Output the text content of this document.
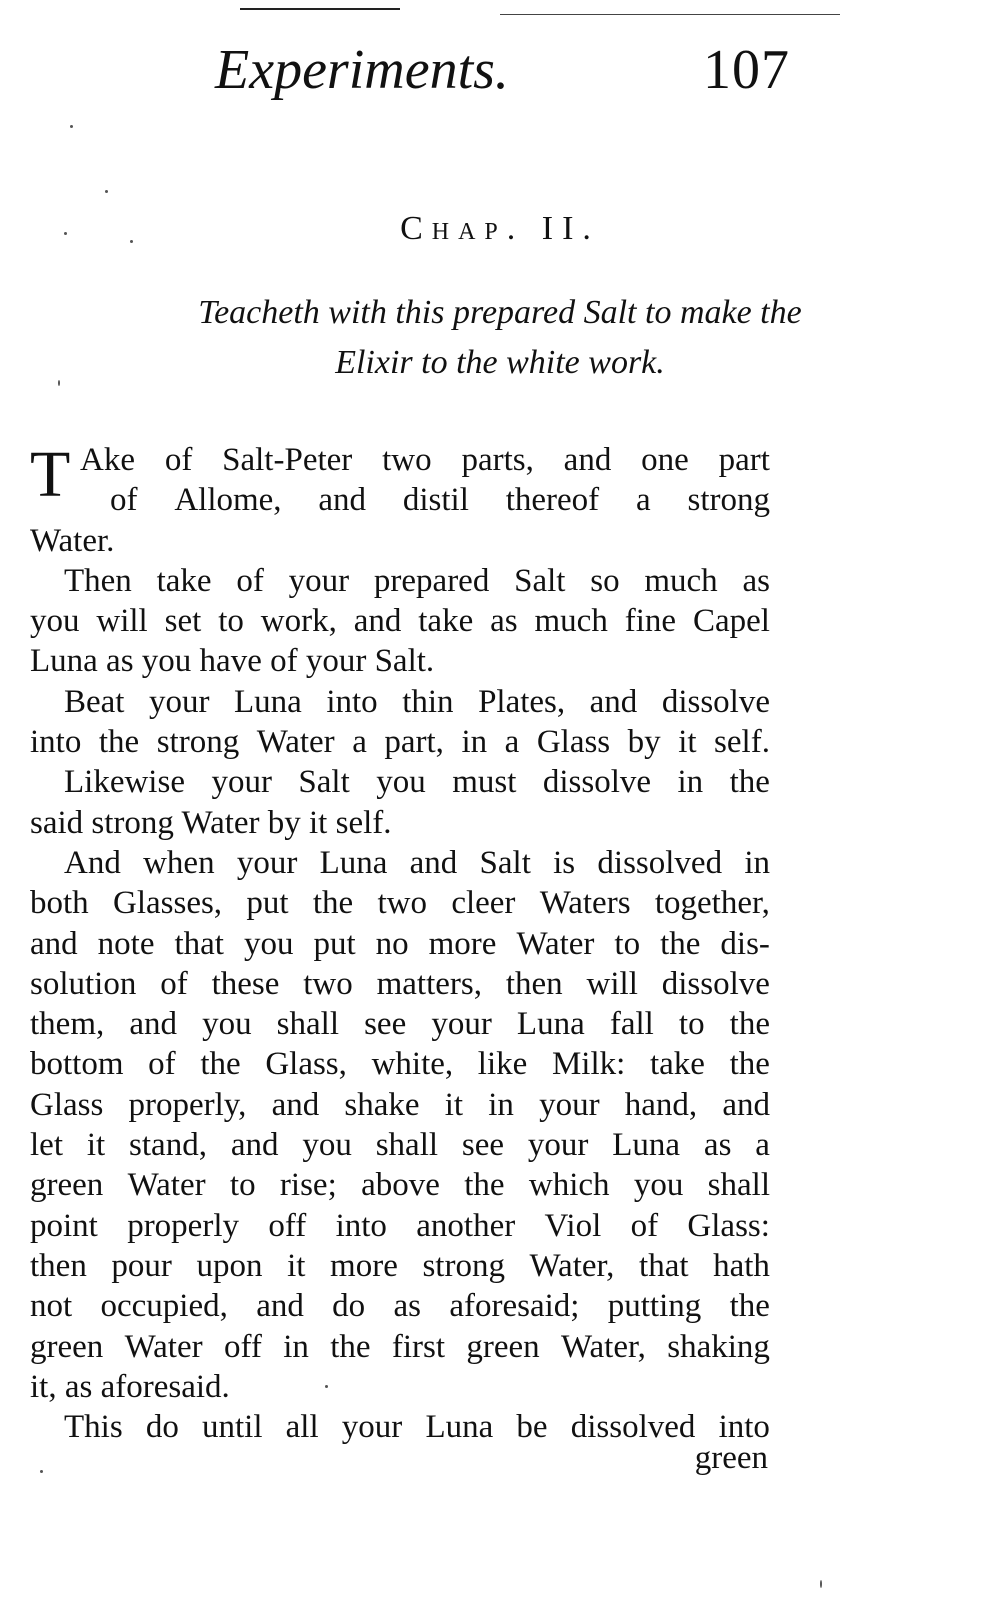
Experiments.	107
Chap. II.
Teacheth with this prepared Salt to make the
Elixir to the white work.
T Ake of Salt-Peter two parts, and one part
of Allome, and distil thereof a strong
Water.
Then take of your prepared Salt so much as
you will set to work, and take as much fine Capel
Luna as you have of your Salt.
Beat your Luna into thin Plates, and dissolve
into the strong Water a part, in a Glass by it self.
Likewise your Salt you must dissolve in the
said strong Water by it self.
And when your Luna and Salt is dissolved in
both Glasses, put the two cleer Waters together,
and note that you put no more Water to the dis-
solution of these two matters, then will dissolve
them, and you shall see your Luna fall to the
bottom of the Glass, white, like Milk: take the
Glass properly, and shake it in your hand, and
let it stand, and you shall see your Luna as a
green Water to rise; above the which you shall
point properly off into another Viol of Glass:
then pour upon it more strong Water, that hath
not occupied, and do as aforesaid; putting the
green Water off in the first green Water, shaking
it, as aforesaid.
This do until all your Luna be dissolved into
green
